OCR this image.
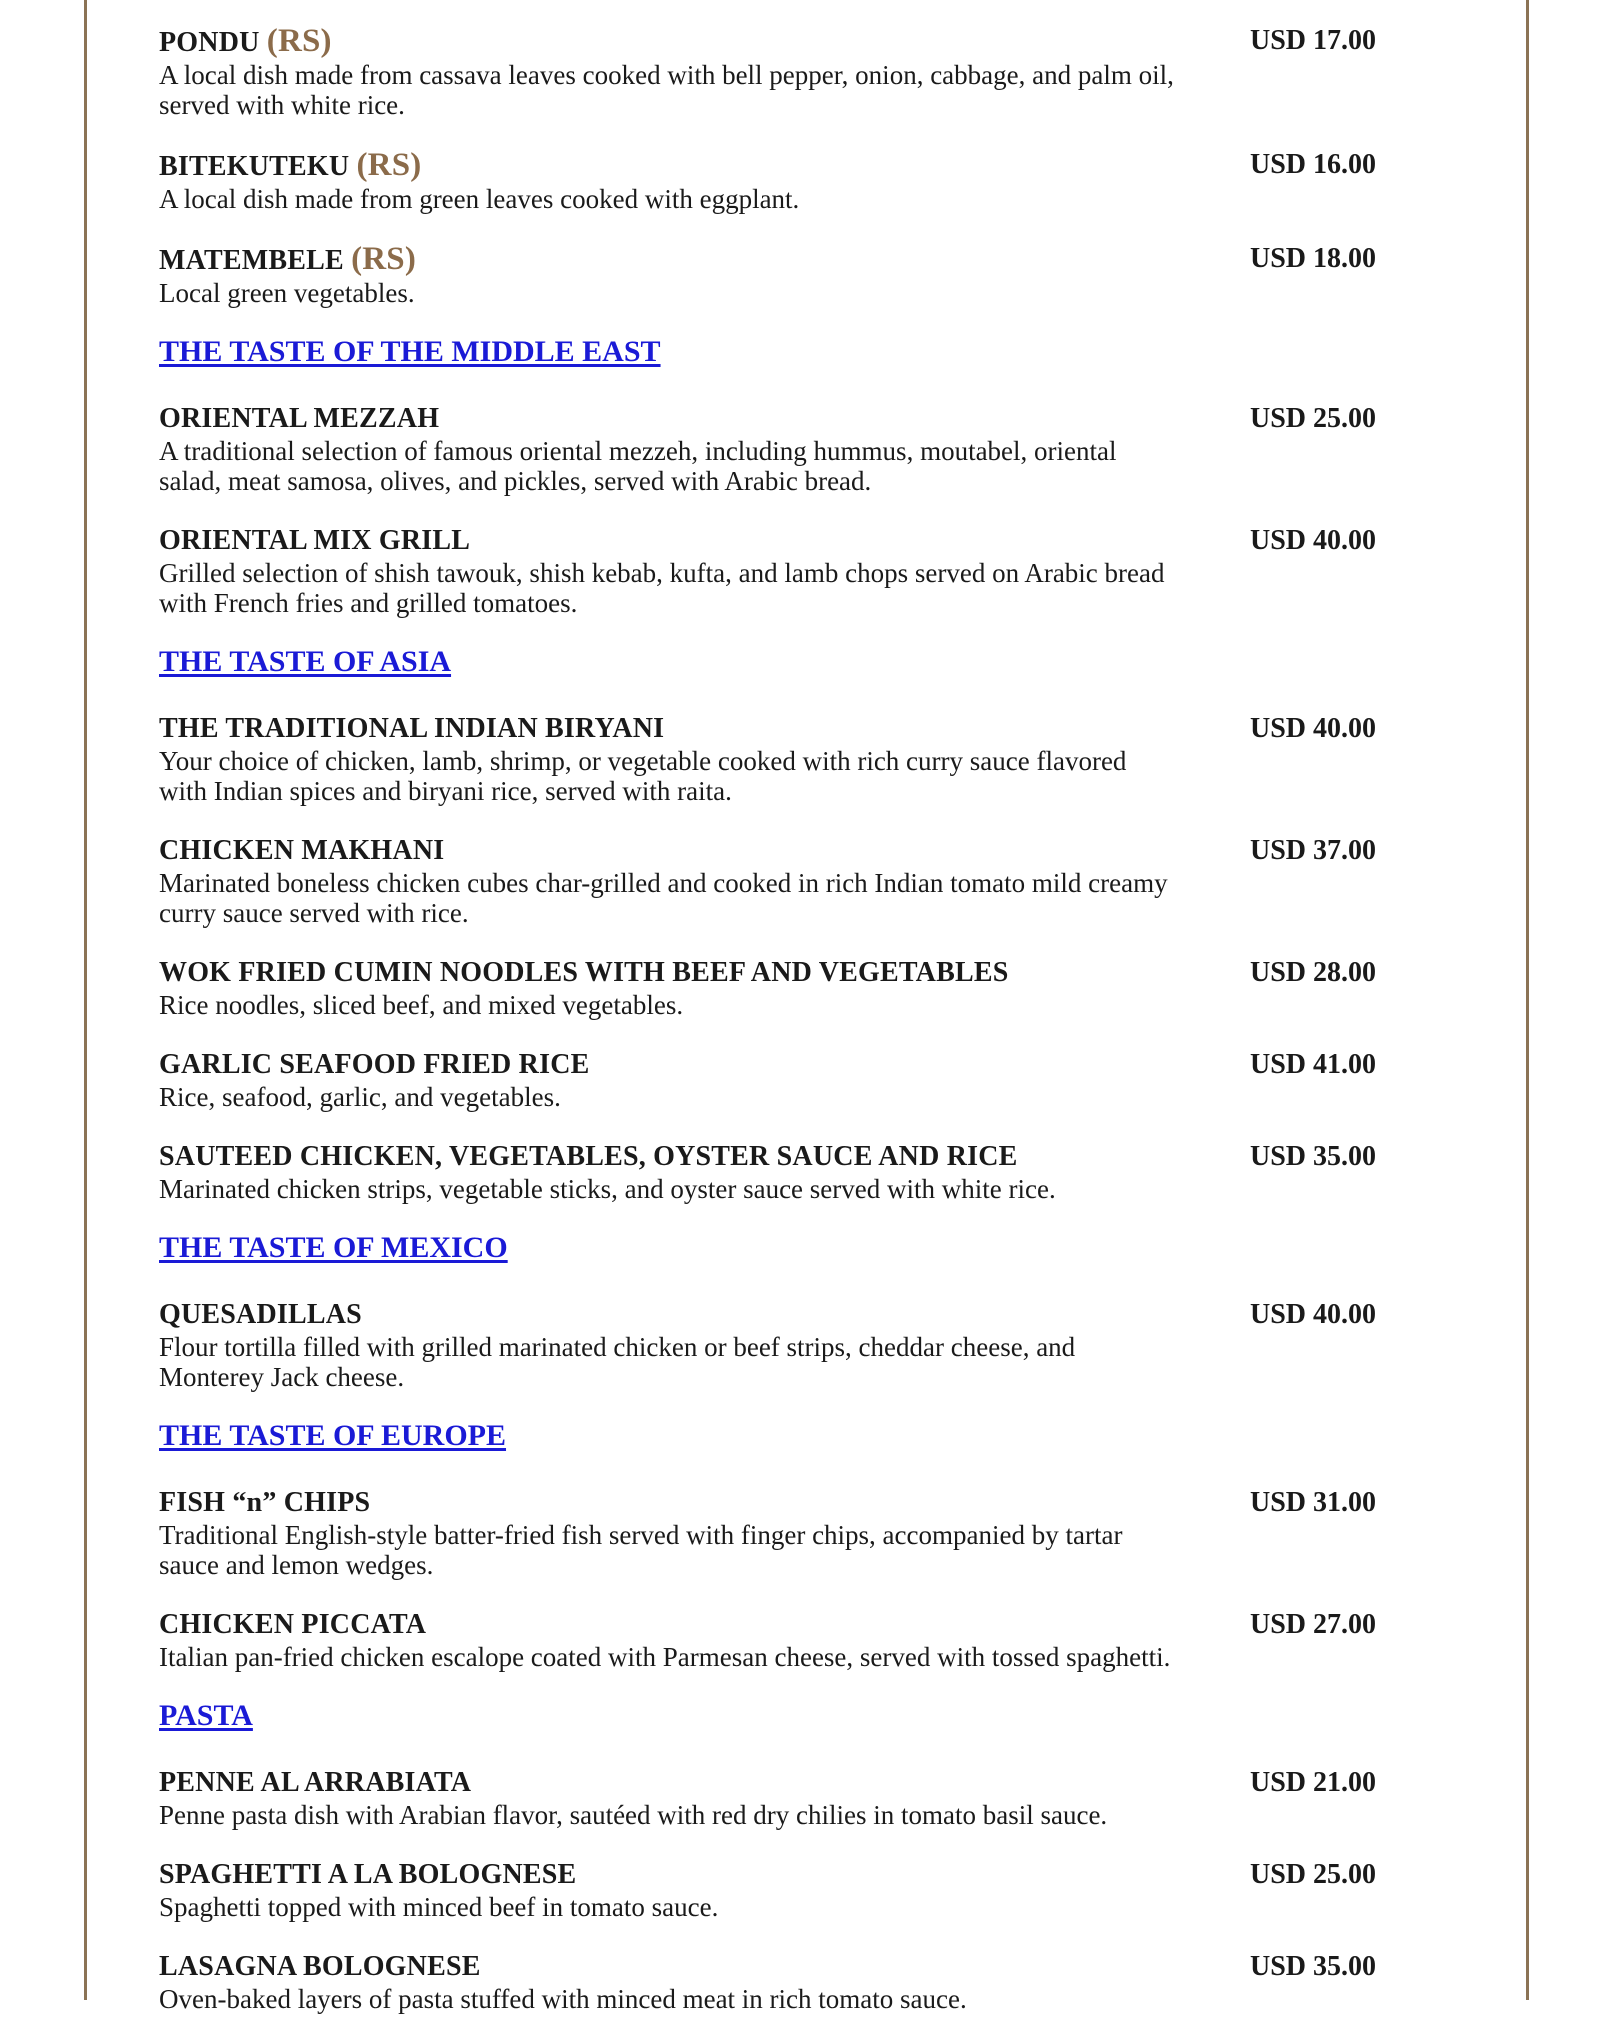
PONDU (RS)
A local dish made from cassava leaves cooked with bell pepper, onion, cabbage, and palm oil, served with white rice.
USD 17.00
BITEKUTEKU (RS)
A local dish made from green leaves cooked with eggplant.
USD 16.00
MATEMBELE (RS)
Local green vegetables.
USD 18.00
THE TASTE OF THE MIDDLE EAST
ORIENTAL MEZZAH
A traditional selection of famous oriental mezzeh, including hummus, moutabel, oriental salad, meat samosa, olives, and pickles, served with Arabic bread.
USD 25.00
ORIENTAL MIX GRILL
Grilled selection of shish tawouk, shish kebab, kufta, and lamb chops served on Arabic bread with French fries and grilled tomatoes.
USD 40.00
THE TASTE OF ASIA
THE TRADITIONAL INDIAN BIRYANI
Your choice of chicken, lamb, shrimp, or vegetable cooked with rich curry sauce flavored with Indian spices and biryani rice, served with raita.
USD 40.00
CHICKEN MAKHANI
Marinated boneless chicken cubes char-grilled and cooked in rich Indian tomato mild creamy curry sauce served with rice.
USD 37.00
WOK FRIED CUMIN NOODLES WITH BEEF AND VEGETABLES
Rice noodles, sliced beef, and mixed vegetables.
USD 28.00
GARLIC SEAFOOD FRIED RICE
Rice, seafood, garlic, and vegetables.
USD 41.00
SAUTEED CHICKEN, VEGETABLES, OYSTER SAUCE AND RICE
Marinated chicken strips, vegetable sticks, and oyster sauce served with white rice.
USD 35.00
THE TASTE OF MEXICO
QUESADILLAS
Flour tortilla filled with grilled marinated chicken or beef strips, cheddar cheese, and Monterey Jack cheese.
USD 40.00
THE TASTE OF EUROPE
FISH “n” CHIPS
Traditional English-style batter-fried fish served with finger chips, accompanied by tartar sauce and lemon wedges.
USD 31.00
CHICKEN PICCATA
Italian pan-fried chicken escalope coated with Parmesan cheese, served with tossed spaghetti.
USD 27.00
PASTA
PENNE AL ARRABIATA
Penne pasta dish with Arabian flavor, sautéed with red dry chilies in tomato basil sauce.
USD 21.00
SPAGHETTI A LA BOLOGNESE
Spaghetti topped with minced beef in tomato sauce.
USD 25.00
LASAGNA BOLOGNESE
Oven-baked layers of pasta stuffed with minced meat in rich tomato sauce.
USD 35.00
